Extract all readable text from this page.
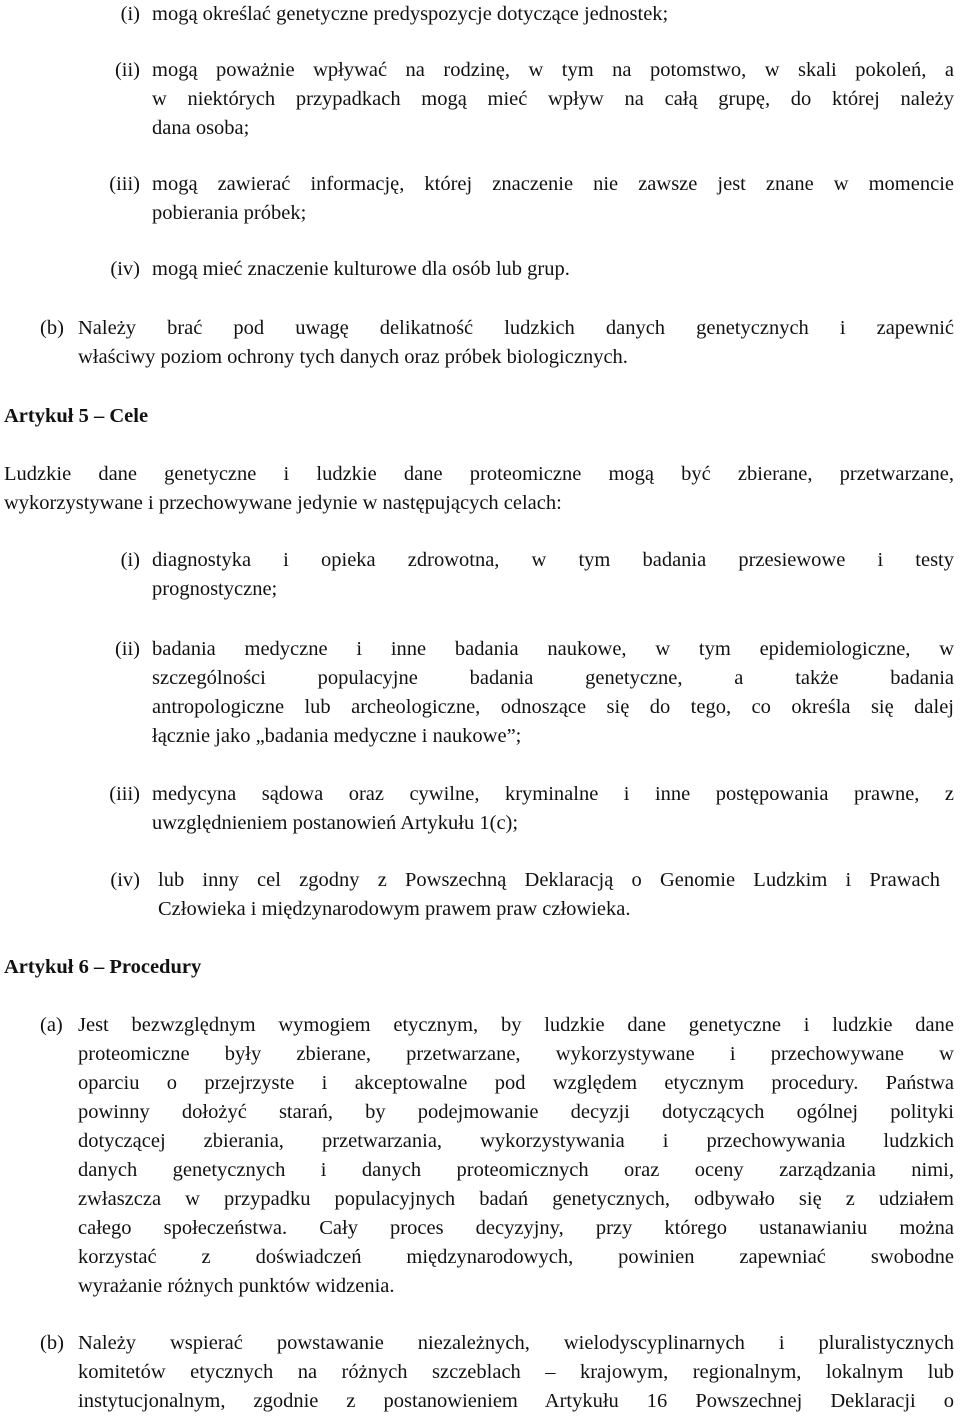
(i) mogą określać genetyczne predyspozycje dotyczące jednostek;
(ii) mogą poważnie wpływać na rodzinę, w tym na potomstwo, w skali pokoleń, a
w niektórych przypadkach mogą mieć wpływ na całą grupę, do której należy
dana osoba;
(iii) mogą zawierać informację, której znaczenie nie zawsze jest znane w momencie
pobierania próbek;
(iv) mogą mieć znaczenie kulturowe dla osób lub grup.
(b) Należy brać pod uwagę delikatność ludzkich danych genetycznych i zapewnić
właściwy poziom ochrony tych danych oraz próbek biologicznych.
Artykuł 5 – Cele
Ludzkie dane genetyczne i ludzkie dane proteomiczne mogą być zbierane, przetwarzane,
wykorzystywane i przechowywane jedynie w następujących celach:
(i) diagnostyka i opieka zdrowotna, w tym badania przesiewowe i testy
prognostyczne;
(ii) badania medyczne i inne badania naukowe, w tym epidemiologiczne, w
szczególności populacyjne badania genetyczne, a także badania
antropologiczne lub archeologiczne, odnoszące się do tego, co określa się dalej
łącznie jako „badania medyczne i naukowe”;
(iii) medycyna sądowa oraz cywilne, kryminalne i inne postępowania prawne, z
uwzględnieniem postanowień Artykułu 1(c);
(iv) lub inny cel zgodny z Powszechną Deklaracją o Genomie Ludzkim i Prawach
Człowieka i międzynarodowym prawem praw człowieka.
Artykuł 6 – Procedury
(a) Jest bezwzględnym wymogiem etycznym, by ludzkie dane genetyczne i ludzkie dane
proteomiczne były zbierane, przetwarzane, wykorzystywane i przechowywane w
oparciu o przejrzyste i akceptowalne pod względem etycznym procedury. Państwa
powinny dołożyć starań, by podejmowanie decyzji dotyczących ogólnej polityki
dotyczącej zbierania, przetwarzania, wykorzystywania i przechowywania ludzkich
danych genetycznych i danych proteomicznych oraz oceny zarządzania nimi,
zwłaszcza w przypadku populacyjnych badań genetycznych, odbywało się z udziałem
całego społeczeństwa. Cały proces decyzyjny, przy którego ustanawianiu można
korzystać z doświadczeń międzynarodowych, powinien zapewniać swobodne
wyrażanie różnych punktów widzenia.
(b) Należy wspierać powstawanie niezależnych, wielodyscyplinarnych i pluralistycznych
komitetów etycznych na różnych szczeblach – krajowym, regionalnym, lokalnym lub
instytucjonalnym, zgodnie z postanowieniem Artykułu 16 Powszechnej Deklaracji o
